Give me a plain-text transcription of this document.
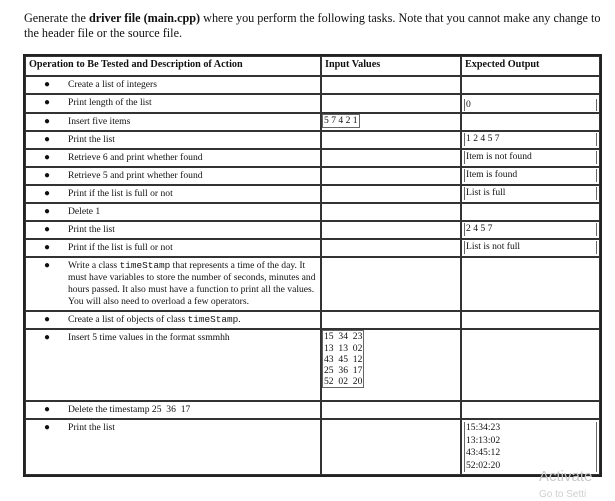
Generate the driver file (main.cpp) where you perform the following tasks. Note that you cannot make any change to the header file or the source file.
Operation to Be Tested and Description of Action	Input Values	Expected Output

● Create a list of integers		

● Print length of the list		0

● Insert five items	5 7 4 2 1	

● Print the list		1 2 4 5 7

● Retrieve 6 and print whether found		Item is not found

● Retrieve 5 and print whether found		Item is found

● Print if the list is full or not		List is full

● Delete 1		

● Print the list		2 4 5 7

● Print if the list is full or not		List is not full

● Write a class timeStamp that represents a time of the day. It must have variables to store the number of seconds, minutes and hours passed. It also must have a function to print all the values. You will also need to overload a few operators.		

● Create a list of objects of class timeStamp.		

● Insert 5 time values in the format ssmmhh	15  34  23
13  13  02
43  45  12
25  36  17
52  02  20	

● Delete the timestamp 25  36  17		

● Print the list		15:34:23
13:13:02
43:45:12
52:02:20
Activate
Go to Setti
